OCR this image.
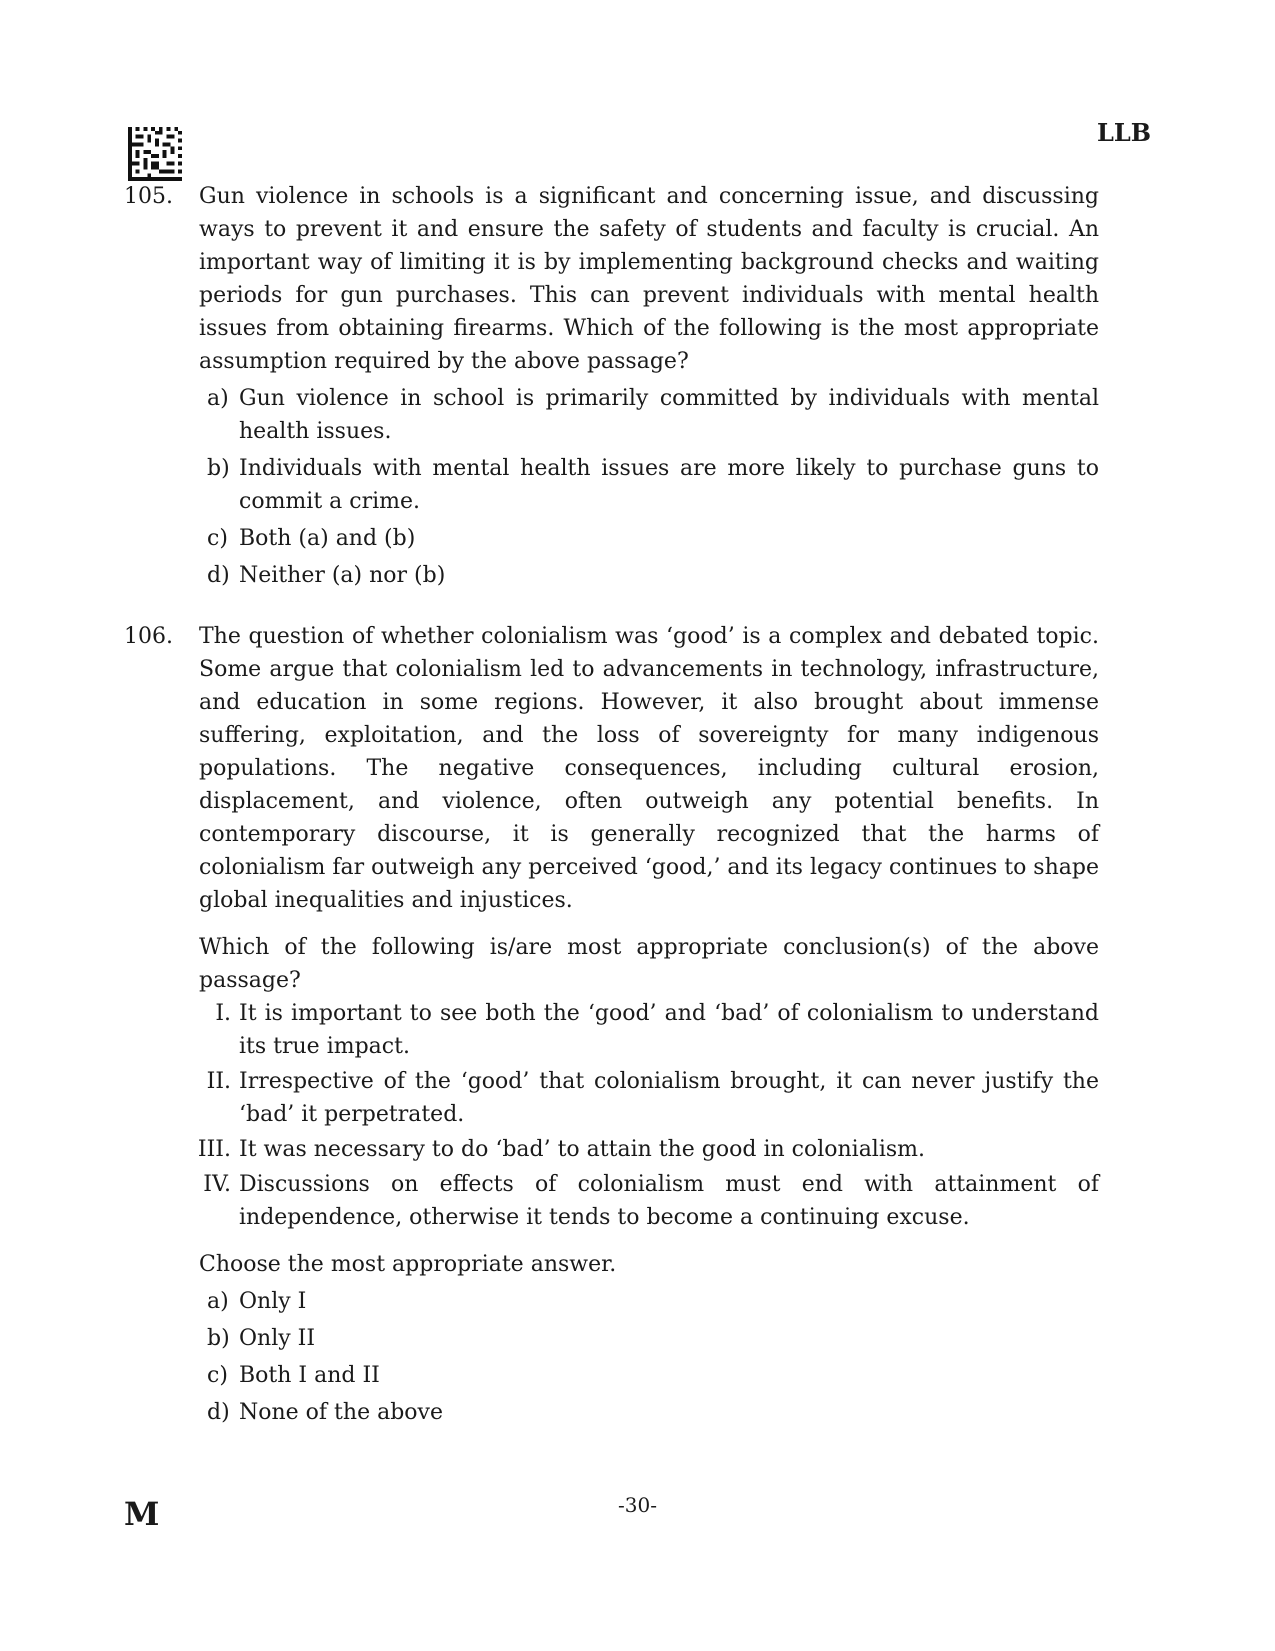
LLB
105. Gun violence in schools is a significant and concerning issue, and discussing ways to prevent it and ensure the safety of students and faculty is crucial. An important way of limiting it is by implementing background checks and waiting periods for gun purchases. This can prevent individuals with mental health issues from obtaining firearms. Which of the following is the most appropriate assumption required by the above passage?

a) Gun violence in school is primarily committed by individuals with mental health issues.
b) Individuals with mental health issues are more likely to purchase guns to commit a crime.
c) Both (a) and (b)
d) Neither (a) nor (b)
106. The question of whether colonialism was ‘good’ is a complex and debated topic. Some argue that colonialism led to advancements in technology, infrastructure, and education in some regions. However, it also brought about immense suffering, exploitation, and the loss of sovereignty for many indigenous populations. The negative consequences, including cultural erosion, displacement, and violence, often outweigh any potential benefits. In contemporary discourse, it is generally recognized that the harms of colonialism far outweigh any perceived ‘good,’ and its legacy continues to shape global inequalities and injustices.

Which of the following is/are most appropriate conclusion(s) of the above passage?

I. It is important to see both the ‘good’ and ‘bad’ of colonialism to understand its true impact.
II. Irrespective of the ‘good’ that colonialism brought, it can never justify the ‘bad’ it perpetrated.
III. It was necessary to do ‘bad’ to attain the good in colonialism.
IV. Discussions on effects of colonialism must end with attainment of independence, otherwise it tends to become a continuing excuse.

Choose the most appropriate answer.

a) Only I
b) Only II
c) Both I and II
d) None of the above
M	-30-
